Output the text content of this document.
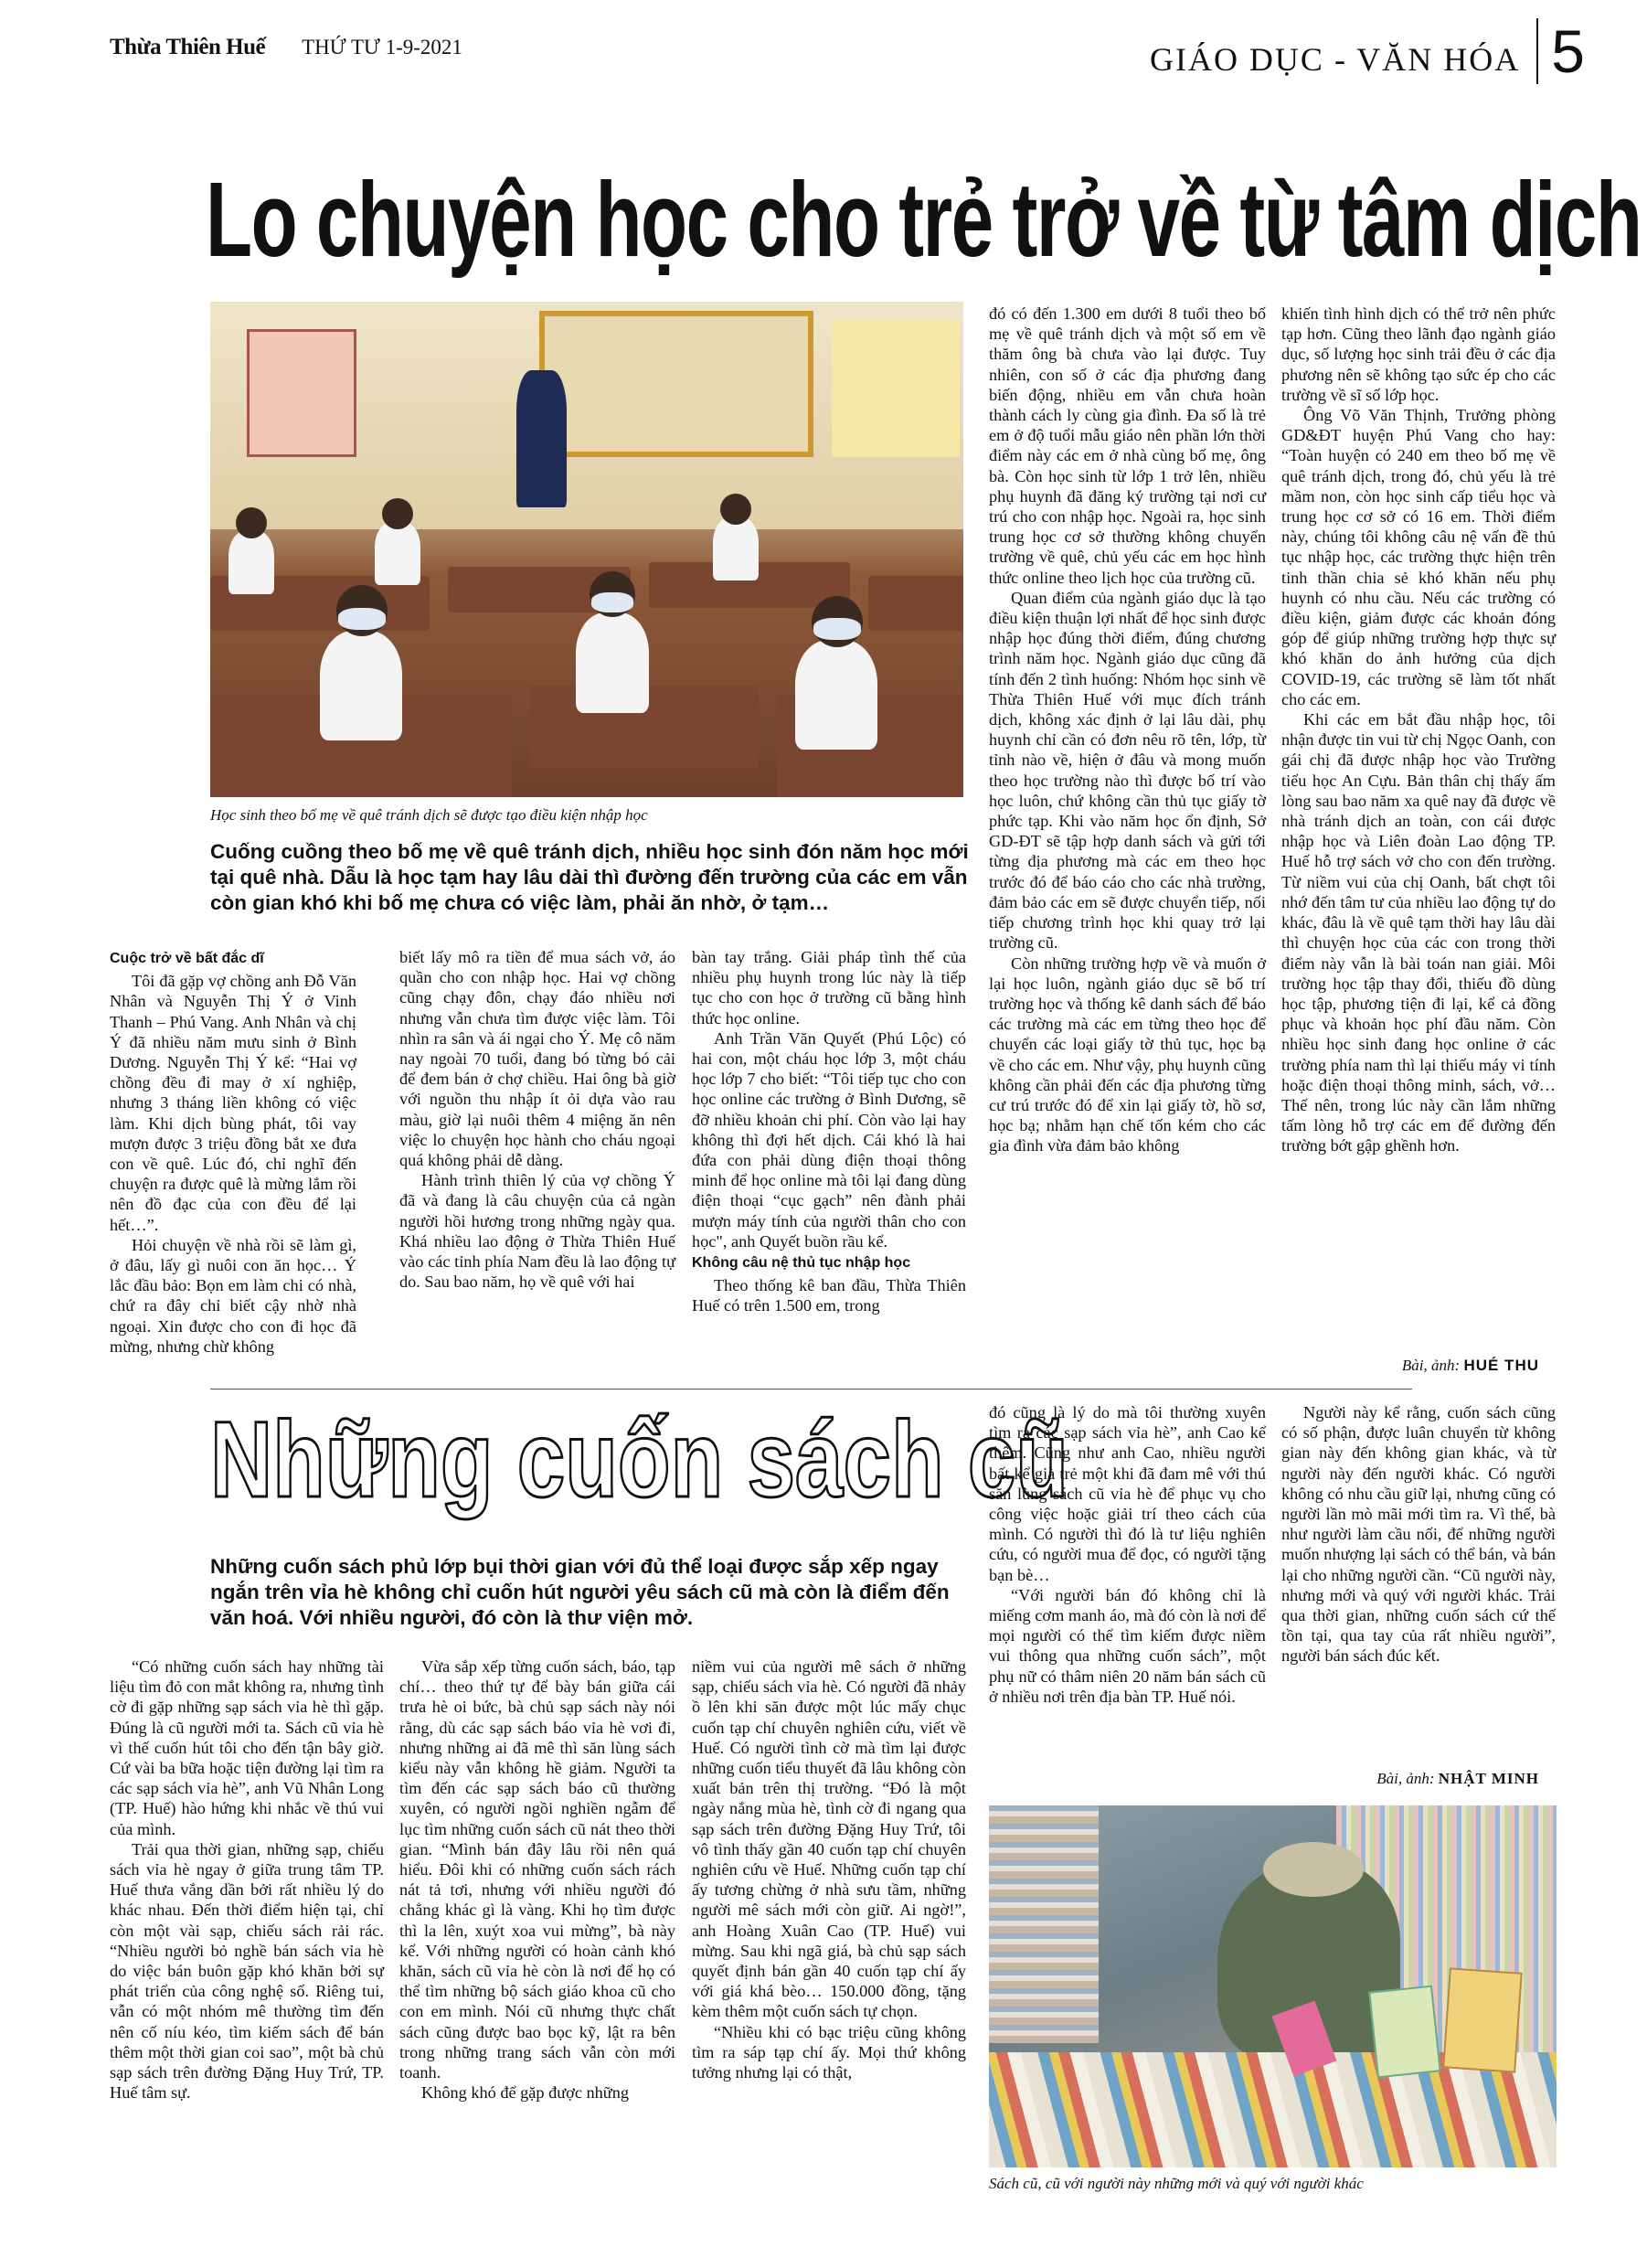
Thừa Thiên Huế THỨ TƯ 1-9-2021	GIÁO DỤC - VĂN HÓA 5
Lo chuyện học cho trẻ trở về từ tâm dịch
Học sinh theo bố mẹ về quê tránh dịch sẽ được tạo điều kiện nhập học
Cuống cuồng theo bố mẹ về quê tránh dịch, nhiều học sinh đón năm học mới tại quê nhà. Dẫu là học tạm hay lâu dài thì đường đến trường của các em vẫn còn gian khó khi bố mẹ chưa có việc làm, phải ăn nhờ, ở tạm…

Cuộc trở về bất đắc dĩ

Tôi đã gặp vợ chồng anh Đỗ Văn Nhân và Nguyễn Thị Ý ở Vinh Thanh – Phú Vang. Anh Nhân và chị Ý đã nhiều năm mưu sinh ở Bình Dương. Nguyễn Thị Ý kể: “Hai vợ chồng đều đi may ở xí nghiệp, nhưng 3 tháng liền không có việc làm. Khi dịch bùng phát, tôi vay mượn được 3 triệu đồng bắt xe đưa con về quê. Lúc đó, chỉ nghĩ đến chuyện ra được quê là mừng lắm rồi nên đồ đạc của con đều để lại hết…”.

Hỏi chuyện về nhà rồi sẽ làm gì, ở đâu, lấy gì nuôi con ăn học… Ý lắc đầu bảo: Bọn em làm chi có nhà, chứ ra đây chỉ biết cậy nhờ nhà ngoại. Xin được cho con đi học đã mừng, nhưng chừ không

biết lấy mô ra tiền để mua sách vở, áo quần cho con nhập học. Hai vợ chồng cũng chạy đôn, chạy đáo nhiều nơi nhưng vẫn chưa tìm được việc làm. Tôi nhìn ra sân và ái ngại cho Ý. Mẹ cô năm nay ngoài 70 tuổi, đang bó từng bó cải để đem bán ở chợ chiều. Hai ông bà giờ với nguồn thu nhập ít ỏi dựa vào rau màu, giờ lại nuôi thêm 4 miệng ăn nên việc lo chuyện học hành cho cháu ngoại quá không phải dễ dàng.

Hành trình thiên lý của vợ chồng Ý đã và đang là câu chuyện của cả ngàn người hồi hương trong những ngày qua. Khá nhiều lao động ở Thừa Thiên Huế vào các tỉnh phía Nam đều là lao động tự do. Sau bao năm, họ về quê với hai

bàn tay trắng. Giải pháp tình thế của nhiều phụ huynh trong lúc này là tiếp tục cho con học ở trường cũ bằng hình thức học online.

Anh Trần Văn Quyết (Phú Lộc) có hai con, một cháu học lớp 3, một cháu học lớp 7 cho biết: “Tôi tiếp tục cho con học online các trường ở Bình Dương, sẽ đỡ nhiều khoản chi phí. Còn vào lại hay không thì đợi hết dịch. Cái khó là hai đứa con phải dùng điện thoại thông minh để học online mà tôi lại đang dùng điện thoại “cục gạch” nên đành phải mượn máy tính của người thân cho con học", anh Quyết buồn rầu kể.

Không câu nệ thủ tục nhập học

Theo thống kê ban đầu, Thừa Thiên Huế có trên 1.500 em, trong

đó có đến 1.300 em dưới 8 tuổi theo bố mẹ về quê tránh dịch và một số em về thăm ông bà chưa vào lại được. Tuy nhiên, con số ở các địa phương đang biến động, nhiều em vẫn chưa hoàn thành cách ly cùng gia đình. Đa số là trẻ em ở độ tuổi mẫu giáo nên phần lớn thời điểm này các em ở nhà cùng bố mẹ, ông bà. Còn học sinh từ lớp 1 trở lên, nhiều phụ huynh đã đăng ký trường tại nơi cư trú cho con nhập học. Ngoài ra, học sinh trung học cơ sở thường không chuyển trường về quê, chủ yếu các em học hình thức online theo lịch học của trường cũ.

Quan điểm của ngành giáo dục là tạo điều kiện thuận lợi nhất để học sinh được nhập học đúng thời điểm, đúng chương trình năm học. Ngành giáo dục cũng đã tính đến 2 tình huống: Nhóm học sinh về Thừa Thiên Huế với mục đích tránh dịch, không xác định ở lại lâu dài, phụ huynh chỉ cần có đơn nêu rõ tên, lớp, từ tỉnh nào về, hiện ở đâu và mong muốn theo học trường nào thì được bố trí vào học luôn, chứ không cần thủ tục giấy tờ phức tạp. Khi vào năm học ổn định, Sở GD-ĐT sẽ tập hợp danh sách và gửi tới từng địa phương mà các em theo học trước đó để báo cáo cho các nhà trường, đảm bảo các em sẽ được chuyển tiếp, nối tiếp chương trình học khi quay trở lại trường cũ.

Còn những trường hợp về và muốn ở lại học luôn, ngành giáo dục sẽ bố trí trường học và thống kê danh sách để báo các trường mà các em từng theo học để chuyển các loại giấy tờ thủ tục, học bạ về cho các em. Như vậy, phụ huynh cũng không cần phải đến các địa phương từng cư trú trước đó để xin lại giấy tờ, hồ sơ, học bạ; nhằm hạn chế tốn kém cho các gia đình vừa đảm bảo không

khiến tình hình dịch có thể trở nên phức tạp hơn. Cũng theo lãnh đạo ngành giáo dục, số lượng học sinh trải đều ở các địa phương nên sẽ không tạo sức ép cho các trường về sĩ số lớp học.

Ông Võ Văn Thịnh, Trưởng phòng GD&ĐT huyện Phú Vang cho hay: “Toàn huyện có 240 em theo bố mẹ về quê tránh dịch, trong đó, chủ yếu là trẻ mầm non, còn học sinh cấp tiểu học và trung học cơ sở có 16 em. Thời điểm này, chúng tôi không câu nệ vấn đề thủ tục nhập học, các trường thực hiện trên tinh thần chia sẻ khó khăn nếu phụ huynh có nhu cầu. Nếu các trường có điều kiện, giảm được các khoản đóng góp để giúp những trường hợp thực sự khó khăn do ảnh hưởng của dịch COVID-19, các trường sẽ làm tốt nhất cho các em.

Khi các em bắt đầu nhập học, tôi nhận được tin vui từ chị Ngọc Oanh, con gái chị đã được nhập học vào Trường tiểu học An Cựu. Bản thân chị thấy ấm lòng sau bao năm xa quê nay đã được về nhà tránh dịch an toàn, con cái được nhập học và Liên đoàn Lao động TP. Huế hỗ trợ sách vở cho con đến trường. Từ niềm vui của chị Oanh, bất chợt tôi nhớ đến tâm tư của nhiều lao động tự do khác, đâu là về quê tạm thời hay lâu dài thì chuyện học của các con trong thời điểm này vẫn là bài toán nan giải. Môi trường học tập thay đổi, thiếu đồ dùng học tập, phương tiện đi lại, kể cả đồng phục và khoản học phí đầu năm. Còn nhiều học sinh đang học online ở các trường phía nam thì lại thiếu máy vi tính hoặc điện thoại thông minh, sách, vở… Thế nên, trong lúc này cần lắm những tấm lòng hỗ trợ các em để đường đến trường bớt gập ghềnh hơn.

Bài, ảnh: HUÉ THU
Những cuốn sách cũ
Những cuốn sách phủ lớp bụi thời gian với đủ thể loại được sắp xếp ngay ngắn trên vỉa hè không chỉ cuốn hút người yêu sách cũ mà còn là điểm đến văn hoá. Với nhiều người, đó còn là thư viện mở.

“Có những cuốn sách hay những tài liệu tìm đỏ con mắt không ra, nhưng tình cờ đi gặp những sạp sách vỉa hè thì gặp. Đúng là cũ người mới ta. Sách cũ vỉa hè vì thế cuốn hút tôi cho đến tận bây giờ. Cứ vài ba bữa hoặc tiện đường lại tìm ra các sạp sách vỉa hè”, anh Vũ Nhân Long (TP. Huế) hào hứng khi nhắc về thú vui của mình.

Trải qua thời gian, những sạp, chiếu sách vỉa hè ngay ở giữa trung tâm TP. Huế thưa vắng dần bởi rất nhiều lý do khác nhau. Đến thời điểm hiện tại, chỉ còn một vài sạp, chiếu sách rải rác. “Nhiều người bỏ nghề bán sách vỉa hè do việc bán buôn gặp khó khăn bởi sự phát triển của công nghệ số. Riêng tui, vẫn có một nhóm mê thường tìm đến nên cố níu kéo, tìm kiếm sách để bán thêm một thời gian coi sao”, một bà chủ sạp sách trên đường Đặng Huy Trứ, TP. Huế tâm sự.

Vừa sắp xếp từng cuốn sách, báo, tạp chí… theo thứ tự để bày bán giữa cái trưa hè oi bức, bà chủ sạp sách này nói rằng, dù các sạp sách báo vỉa hè vơi đi, nhưng những ai đã mê thì săn lùng sách kiểu này vẫn không hề giảm. Người ta tìm đến các sạp sách báo cũ thường xuyên, có người ngồi nghiền ngẫm để lục tìm những cuốn sách cũ nát theo thời gian. “Mình bán đây lâu rồi nên quá hiểu. Đôi khi có những cuốn sách rách nát tả tơi, nhưng với nhiều người đó chẳng khác gì là vàng. Khi họ tìm được thì la lên, xuýt xoa vui mừng”, bà này kể. Với những người có hoàn cảnh khó khăn, sách cũ vỉa hè còn là nơi để họ có thể tìm những bộ sách giáo khoa cũ cho con em mình. Nói cũ nhưng thực chất sách cũng được bao bọc kỹ, lật ra bên trong những trang sách vẫn còn mới toanh.

Không khó để gặp được những

niềm vui của người mê sách ở những sạp, chiếu sách vỉa hè. Có người đã nhảy ồ lên khi săn được một lúc mấy chục cuốn tạp chí chuyên nghiên cứu, viết về Huế. Có người tình cờ mà tìm lại được những cuốn tiểu thuyết đã lâu không còn xuất bản trên thị trường. “Đó là một ngày nắng mùa hè, tình cờ đi ngang qua sạp sách trên đường Đặng Huy Trứ, tôi vô tình thấy gần 40 cuốn tạp chí chuyên nghiên cứu về Huế. Những cuốn tạp chí ấy tương chừng ở nhà sưu tầm, những người mê sách mới còn giữ. Ai ngờ!”, anh Hoàng Xuân Cao (TP. Huế) vui mừng. Sau khi ngã giá, bà chủ sạp sách quyết định bán gần 40 cuốn tạp chí ấy với giá khá bèo… 150.000 đồng, tặng kèm thêm một cuốn sách tự chọn.

“Nhiều khi có bạc triệu cũng không tìm ra sáp tạp chí ấy. Mọi thứ không tưởng nhưng lại có thật,

đó cũng là lý do mà tôi thường xuyên tìm ra các sạp sách vỉa hè”, anh Cao kể thêm. Cũng như anh Cao, nhiều người bất kể già trẻ một khi đã đam mê với thú săn lùng sách cũ vỉa hè để phục vụ cho công việc hoặc giải trí theo cách của mình. Có người thì đó là tư liệu nghiên cứu, có người mua để đọc, có người tặng bạn bè…

“Với người bán đó không chỉ là miếng cơm manh áo, mà đó còn là nơi để mọi người có thể tìm kiếm được niềm vui thông qua những cuốn sách”, một phụ nữ có thâm niên 20 năm bán sách cũ ở nhiều nơi trên địa bàn TP. Huế nói.

Người này kể rằng, cuốn sách cũng có số phận, được luân chuyển từ không gian này đến không gian khác, và từ người này đến người khác. Có người không có nhu cầu giữ lại, nhưng cũng có người lần mò mãi mới tìm ra. Vì thế, bà như người làm cầu nối, để những người muốn nhượng lại sách có thể bán, và bán lại cho những người cần. “Cũ người này, nhưng mới và quý với người khác. Trải qua thời gian, những cuốn sách cứ thế tồn tại, qua tay của rất nhiều người”, người bán sách đúc kết.

Bài, ảnh: NHẬT MINH
Sách cũ, cũ với người này những mới và quý với người khác
